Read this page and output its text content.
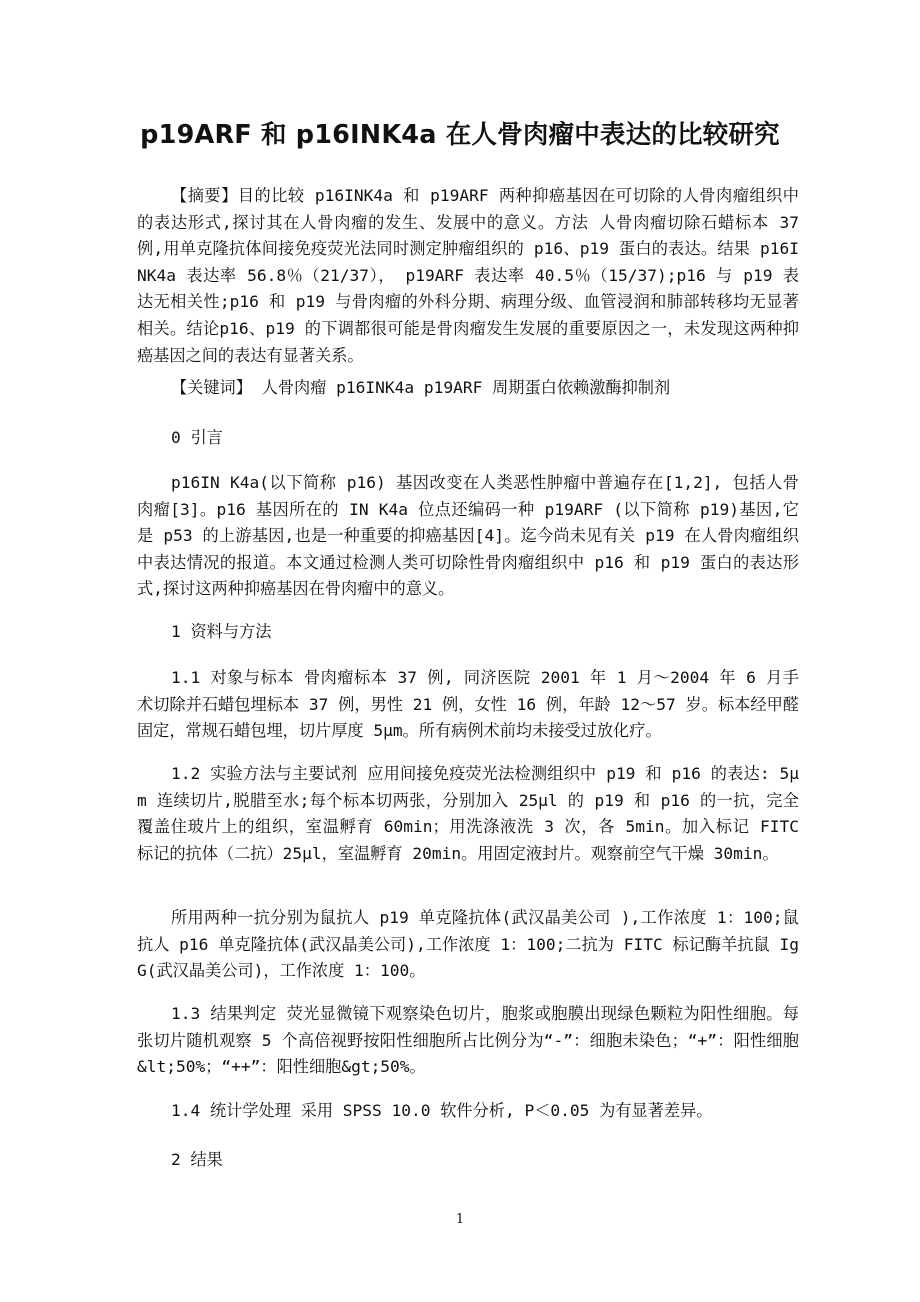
p19ARF 和 p16INK4a 在人骨肉瘤中表达的比较研究

【摘要】目的比较 p16INK4a 和 p19ARF 两种抑癌基因在可切除的人骨肉瘤组织中的表达形式,探讨其在人骨肉瘤的发生、发展中的意义。方法 人骨肉瘤切除石蜡标本 37 例,用单克隆抗体间接免疫荧光法同时测定肿瘤组织的 p16、p19 蛋白的表达。结果 p16INK4a 表达率 56.8％（21/37）， p19ARF 表达率 40.5％（15/37);p16 与 p19 表达无相关性;p16 和 p19 与骨肉瘤的外科分期、病理分级、血管浸润和肺部转移均无显著相关。结论p16、p19 的下调都很可能是骨肉瘤发生发展的重要原因之一，未发现这两种抑癌基因之间的表达有显著关系。

【关键词】 人骨肉瘤 p16INK4a p19ARF 周期蛋白依赖激酶抑制剂

0 引言

p16IN K4a(以下简称 p16) 基因改变在人类恶性肿瘤中普遍存在[1,2], 包括人骨肉瘤[3]。p16 基因所在的 IN K4a 位点还编码一种 p19ARF (以下简称 p19)基因,它是 p53 的上游基因,也是一种重要的抑癌基因[4]。迄今尚未见有关 p19 在人骨肉瘤组织中表达情况的报道。本文通过检测人类可切除性骨肉瘤组织中 p16 和 p19 蛋白的表达形式,探讨这两种抑癌基因在骨肉瘤中的意义。

1 资料与方法

1.1 对象与标本 骨肉瘤标本 37 例, 同济医院 2001 年 1 月～2004 年 6 月手术切除并石蜡包埋标本 37 例，男性 21 例，女性 16 例，年龄 12～57 岁。标本经甲醛固定，常规石蜡包埋，切片厚度 5μm。所有病例术前均未接受过放化疗。

1.2 实验方法与主要试剂 应用间接免疫荧光法检测组织中 p19 和 p16 的表达: 5μm 连续切片,脱腊至水;每个标本切两张，分别加入 25μl 的 p19 和 p16 的一抗，完全覆盖住玻片上的组织，室温孵育 60min；用洗涤液洗 3 次，各 5min。加入标记 FITC 标记的抗体（二抗）25μl，室温孵育 20min。用固定液封片。观察前空气干燥 30min。

所用两种一抗分别为鼠抗人 p19 单克隆抗体(武汉晶美公司 ),工作浓度 1：100;鼠抗人 p16 单克隆抗体(武汉晶美公司),工作浓度 1：100;二抗为 FITC 标记酶羊抗鼠 IgG(武汉晶美公司)，工作浓度 1：100。

1.3 结果判定 荧光显微镜下观察染色切片，胞浆或胞膜出现绿色颗粒为阳性细胞。每张切片随机观察 5 个高倍视野按阳性细胞所占比例分为“-”：细胞未染色；“+”：阳性细胞&lt;50%；“++”：阳性细胞&gt;50%。

1.4 统计学处理 采用 SPSS 10.0 软件分析, P＜0.05 为有显著差异。

2 结果
1
